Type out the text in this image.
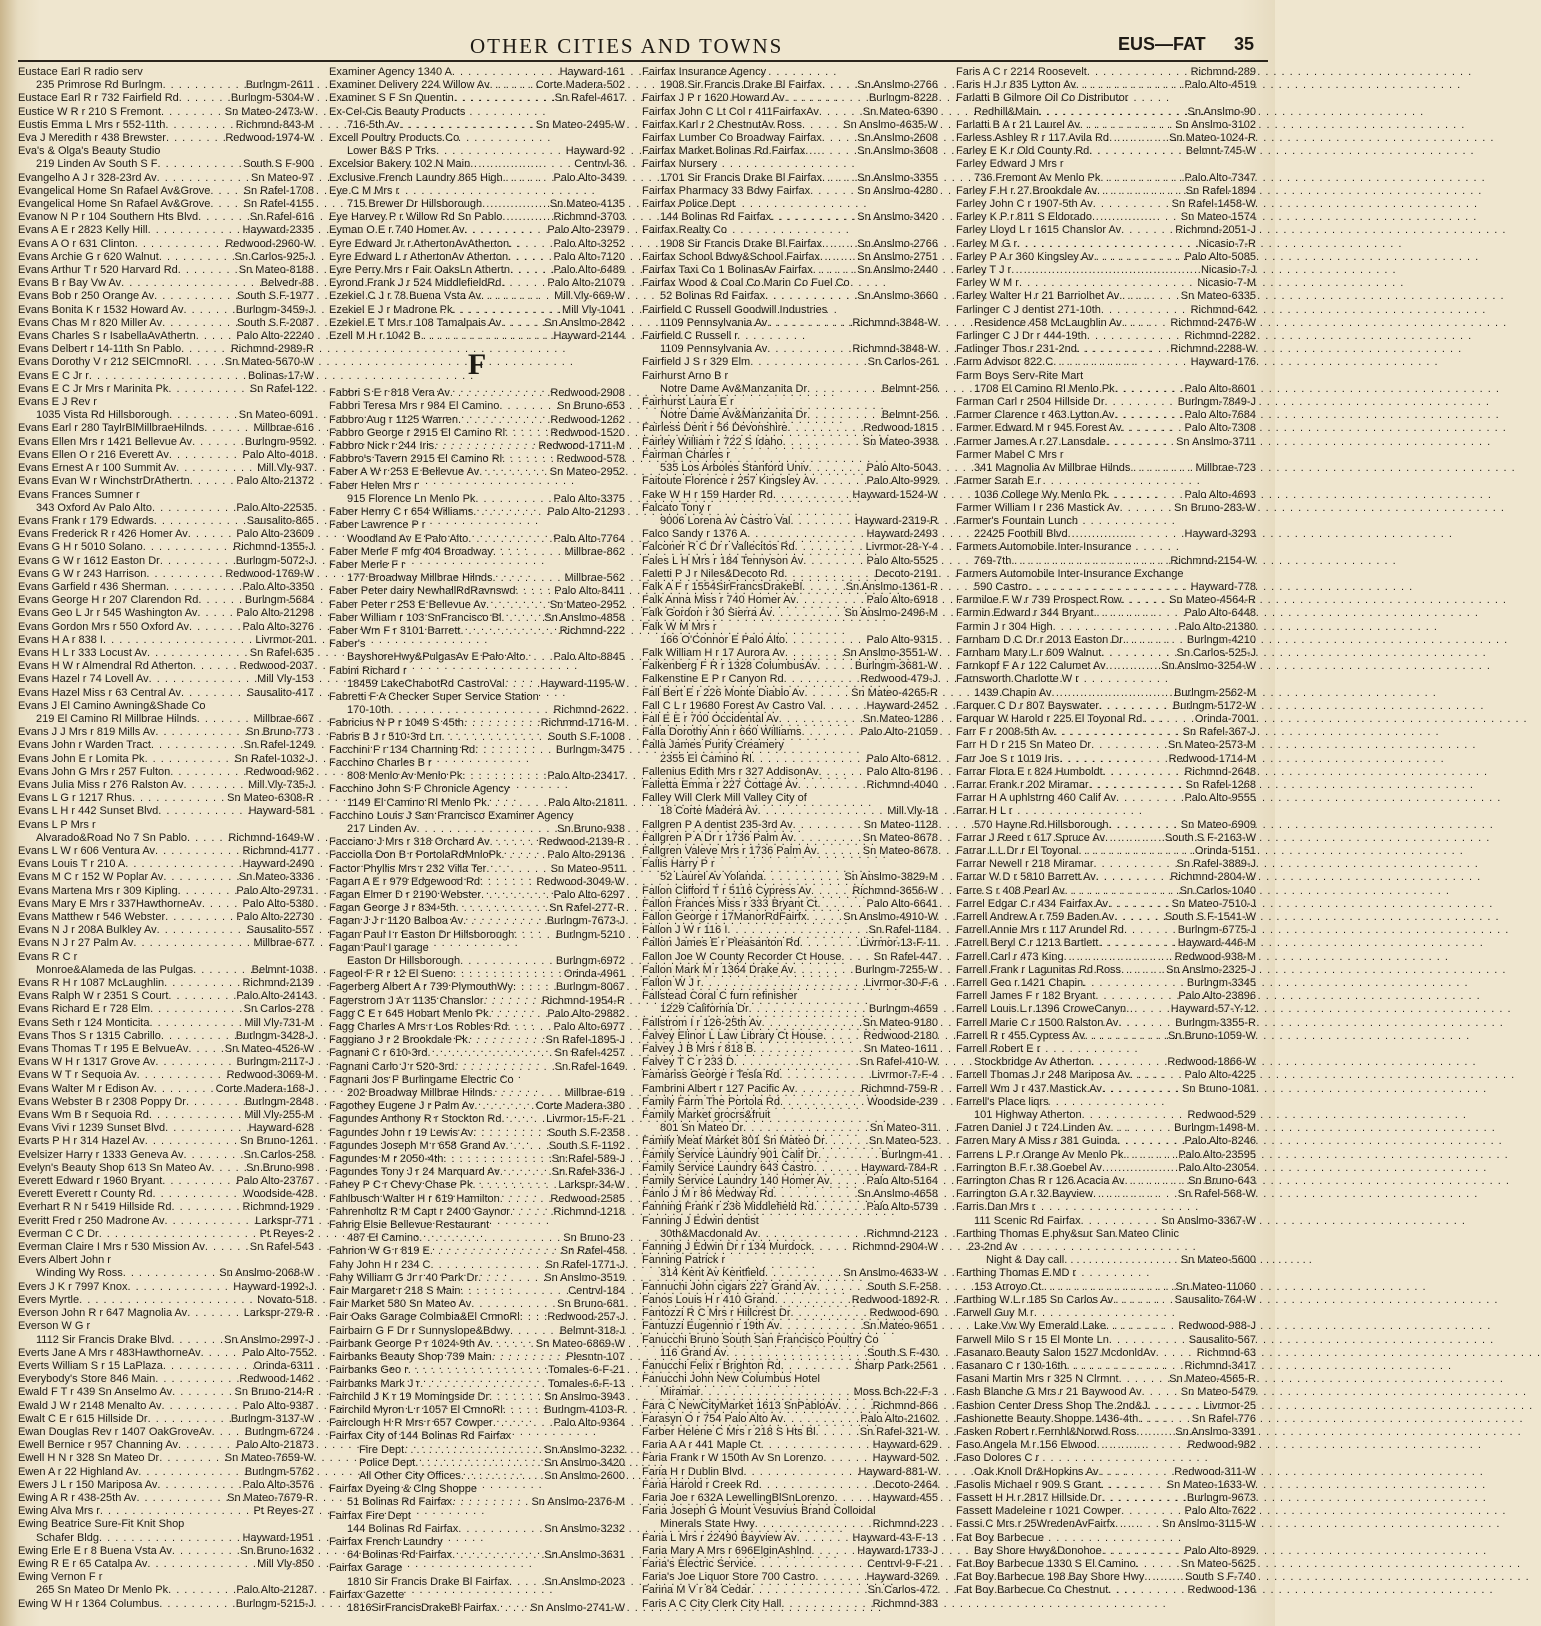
OTHER CITIES AND TOWNS	EUS—FAT 35
Eustace Earl R radio serv
235 Primrose Rd Burlngm . . .	Burlngm-2611
Eustace Earl R r 732 Fairfield Rd . . .	Burlngm-5304-W
Eustice W R r 210 S Fremont . . .	Sn Mateo-2473-W
Eustis Emma L Mrs r 552-11th . . .	Richmnd-843-M
Eva J Meredith r 438 Brewster . . .	Redwood-1974-W
Eva's & Olga's Beauty Studio
219 Linden Av South S F . . .	South S F-900
Evangelho A J r 328-23rd Av . . .	Sn Mateo-97
Evangelical Home Sn Rafael Av&Grove . . .	Sn Rafel-1708
Evangelical Home Sn Rafael Av&Grove . . .	Sn Rafel-4155
Evanow N P r 104 Southern Hts Blvd . . .	Sn Rafel-616
Evans A E r 2823 Kelly Hill . . .	Hayward-2335
Evans A O r 631 Clinton . . .	Redwood-2960-W
Evans Archie G r 620 Walnut . . .	Sn Carlos-925-J
Evans Arthur T r 520 Harvard Rd . . .	Sn Mateo-8188
Evans B r Bay Vw Av . . .	Belvedr-88
Evans Bob r 250 Orange Av . . .	South S F-1977
Evans Bonita K r 1532 Howard Av . . .	Burlngm-3459-J
Evans Chas M r 820 Miller Av . . .	South S F-2087
Evans Charles S r IsabellaAvAthertn . . .	Palo Alto-22240
Evans Delbert r 14-11th Sn Pablo . . .	Richmnd-2989-R
Evans Dorothy V r 212 SElCmnoRl . . .	Sn Mateo-5670-W
Evans E C Jr r . . .	Bolinas-17-W
Evans E C Jr Mrs r Marinita Pk . . .	Sn Rafel-122
Evans E J Rev r
1035 Vista Rd Hillsborough . . .	Sn Mateo-6091
Evans Earl r 280 TaylrBlMillbraeHilnds . . .	Millbrae-616
Evans Ellen Mrs r 1421 Bellevue Av . . .	Burlngm-9592
Evans Ellen O r 216 Everett Av . . .	Palo Alto-4018
Evans Ernest A r 100 Summit Av . . .	Mill Vly-937
Evans Evan W r WinchstrDrAthertn . . .	Palo Alto-21372
Evans Frances Sumner r
343 Oxford Av Palo Alto . . .	Palo Alto-22535
Evans Frank r 179 Edwards . . .	Sausalito-865
Evans Frederick R r 426 Homer Av . . .	Palo Alto-23609
Evans G H r 5010 Solano . . .	Richmnd-1355-J
Evans G W r 1612 Easton Dr . . .	Burlngm-5072-J
Evans G W r 243 Harrison . . .	Redwood-1769-W
Evans Garfield r 436 Sherman . . .	Palo Alto-3350
Evans George H r 207 Clarendon Rd . . .	Burlngm-5684
Evans Geo L Jr r 545 Washington Av . . .	Palo Alto-21298
Evans Gordon Mrs r 550 Oxford Av . . .	Palo Alto-3276
Evans H A r 838 I . . .	Livrmor-201
Evans H L r 333 Locust Av . . .	Sn Rafel-635
Evans H W r Almendral Rd Atherton . . .	Redwood-2037
Evans Hazel r 74 Lovell Av . . .	Mill Vly-153
Evans Hazel Miss r 63 Central Av . . .	Sausalito-417
Evans J El Camino Awning&Shade Co
219 El Camino Rl Millbrae Hilnds . . .	Millbrae-667
Evans J J Mrs r 819 Mills Av . . .	Sn Bruno-773
Evans John r Warden Tract . . .	Sn Rafel-1249
Evans John E r Lomita Pk . . .	Sn Rafel-1032-J
Evans John G Mrs r 257 Fulton . . .	Redwood-962
Evans Julia Miss r 276 Ralston Av . . .	Mill Vly-735-J
Evans L G r 1217 Rhus . . .	Sn Mateo-6308-R
Evans L H r 442 Sunset Blvd . . .	Hayward-581
Evans L P Mrs r
Alvarado&Road No 7 Sn Pablo . . .	Richmnd-1649-W
Evans L W r 606 Ventura Av . . .	Richmnd-4177
Evans Louis T r 210 A . . .	Hayward-2490
Evans M C r 152 W Poplar Av . . .	Sn Mateo-3336
Evans Martena Mrs r 309 Kipling . . .	Palo Alto-29731
Evans Mary E Mrs r 337HawthorneAv . . .	Palo Alto-5380
Evans Matthew r 546 Webster . . .	Palo Alto-22730
Evans N J r 208A Bulkley Av . . .	Sausalito-557
Evans N J r 27 Palm Av . . .	Millbrae-677
Evans R C r
Monroe&Alameda de las Pulgas . . .	Belmnt-1038
Evans R H r 1087 McLaughlin . . .	Richmnd-2139
Evans Ralph W r 2351 S Court . . .	Palo Alto-24143
Evans Richard E r 728 Elm . . .	Sn Carlos-278
Evans Seth r 124 Monticita . . .	Mill Vly-731-M
Evans Thos S r 1315 Cabrillo . . .	Burlngm-3428-J
Evans Thomas T r 195 E BelvueAv . . .	Sn Mateo-4526-W
Evans W H r 1317 Grove Av . . .	Burlngm-2117-J
Evans W T r Sequoia Av . . .	Redwood-3069-M
Evans Walter M r Edison Av . . .	Corte Madera-168-J
Evans Webster B r 2308 Poppy Dr . . .	Burlngm-2848
Evans Wm B r Sequoia Rd . . .	Mill Vly-255-M
Evans Vivi r 1239 Sunset Blvd . . .	Hayward-628
Evarts P H r 314 Hazel Av . . .	Sn Bruno-1261
Evelsizer Harry r 1333 Geneva Av . . .	Sn Carlos-258
Evelyn's Beauty Shop 613 Sn Mateo Av . . .	Sn Bruno-998
Everett Edward r 1960 Bryant . . .	Palo Alto-23767
Everett Everett r County Rd . . .	Woodside-428
Everhart R N r 5419 Hillside Rd . . .	Richmnd-1929
Everitt Fred r 250 Madrone Av . . .	Larkspr-771
Everman C C Dr . . .	Pt Reyes-2
Everman Claire I Mrs r 530 Mission Av . . .	Sn Rafel-543
Evers Albert John r
Winding Wy Ross . . .	Sn Anslmo-2068-W
Evers J K r 7997 Knox . . .	Hayward-1992-J
Evers Myrtle . . .	Novato-518
Everson John R r 647 Magnolia Av . . .	Larkspr-279-R
Everson W G r
1112 Sir Francis Drake Blvd . . .	Sn Anslmo-2997-J
Everts Jane A Mrs r 483HawthorneAv . . .	Palo Alto-7552
Everts William S r 15 LaPlaza . . .	Orinda-6311
Everybody's Store 846 Main . . .	Redwood-1462
Ewald F T r 439 Sn Anselmo Av . . .	Sn Bruno-214-R
Ewald J W r 2148 Menalto Av . . .	Palo Alto-9387
Ewalt C E r 615 Hillside Dr . . .	Burlngm-3137-W
Ewan Douglas Rev r 1407 OakGroveAv . . .	Burlngm-6724
Ewell Bernice r 957 Channing Av . . .	Palo Alto-21873
Ewell H N r 328 Sn Mateo Dr . . .	Sn Mateo-7659-W
Ewen A r 22 Highland Av . . .	Burlngm-5762
Ewers J L r 150 Mariposa Av . . .	Palo Alto-3576
Ewing A R r 438-25th Av . . .	Sn Mateo-7679-R
Ewing Alva Mrs r . . .	Pt Reyes-27
Ewing Beatrice Sure-Fit Knit Shop
Schafer Bldg . . .	Hayward-1951
Ewing Erle E r 8 Buena Vsta Av . . .	Sn Bruno-1632
Ewing R E r 65 Catalpa Av . . .	Mill Vly-850
Ewing Vernon F r
265 Sn Mateo Dr Menlo Pk . . .	Palo Alto-21287
Ewing W H r 1364 Columbus . . .	Burlngm-5215-J
Examiner Agency 1340 A . . .	Hayward-161
Examiner Delivery 224 Willow Av . . .	Corte Madera-502
Examiner S F Sn Quentin . . .	Sn Rafel-4617
Ex-Cel-Cis Beauty Products
716-5th Av . . .	Sn Mateo-2495-W
Excell Poultry Products Co
Lower B&S P Trks . . .	Hayward-92
Excelsior Bakery 102 N Main . . .	Centrvl-36
Exclusive French Laundry 865 High . . .	Palo Alto-3439
Eye C M Mrs r
715 Brewer Dr Hillsborough . . .	Sn Mateo-4135
Eye Harvey P r Willow Rd Sn Pablo . . .	Richmnd-3703
Eyman O E r 740 Homer Av . . .	Palo Alto-23979
Eyre Edward Jr r AthertonAvAtherton . . .	Palo Alto-3252
Eyre Edward L r AthertonAv Atherton . . .	Palo Alto-7120
Eyre Perry Mrs r Fair OaksLn Athertn . . .	Palo Alto-6489
Eyrond Frank J r 524 MiddlefieldRd . . .	Palo Alto-21079
Ezekiel C J r 78 Buena Vsta Av . . .	Mill Vly-669-W
Ezekiel E J r Madrone Pk . . .	Mill Vly-1041
Ezekiel E T Mrs r 108 Tamalpais Av . . .	Sn Anslmo-2842
Ezell M H r 1042 B . . .	Hayward-2144
F
Fabbri S E r 818 Vera Av . . .	Redwood-2908
Fabbri Teresa Mrs r 984 El Camino . . .	Sn Bruno-653
Fabbro Aug r 1125 Warren . . .	Redwood-1262
Fabbro George r 2915 El Camino Rl . . .	Redwood-1520
Fabbro Nick r 244 Iris . . .	Redwood-1711-M
Fabbro's Tavern 2915 El Camino Rl . . .	Redwood-578
Faber A W r 253 E Bellevue Av . . .	Sn Mateo-2952
Faber Helen Mrs r
915 Florence Ln Menlo Pk . . .	Palo Alto-3375
Faber Henry C r 654 Williams . . .	Palo Alto-21293
Faber Lawrence P r
Woodland Av E Palo Alto . . .	Palo Alto-7764
Faber Merle F mfg 404 Broadway . . .	Millbrae-862
Faber Merle F r
177 Broadway Millbrae Hilnds . . .	Millbrae-562
Faber Peter dairy NewhallRdRavnswd . . .	Palo Alto-8411
Faber Peter r 253 E Bellevue Av . . .	Sn Mateo-2952
Faber William r 103 SnFrancisco Bl . . .	Sn Anslmo-4858
Faber Wm F r 3101 Barrett . . .	Richmnd-222
Faber's
BayshoreHwy&PulgasAv E Palo Alto . . .	Palo Alto-8845
Fabini Richard r
18459 LakeChabotRd CastroVal . . .	Hayward-1195-W
Fabretti F A Checker Super Service Station
170-10th . . .	Richmnd-2622
Fabricius N P r 1049 S 45th . . .	Richmnd-1716-M
Fabris B J r 510-3rd Ln . . .	South S F-1008
Facchini F r 134 Channing Rd . . .	Burlngm-3475
Facchino Charles B r
808 Menlo Av Menlo Pk . . .	Palo Alto-23417
Facchino John S F Chronicle Agency
1149 El Camino Rl Menlo Pk . . .	Palo Alto-21811
Facchino Louis J San Francisco Examiner Agency
217 Linden Av . . .	Sn Bruno-938
Facciano J Mrs r 318 Orchard Av . . .	Redwood-2139-R
Facciolla Don B r PortolaRdMnloPk . . .	Palo Alto-29136
Factor Phyllis Mrs r 232 Villa Ter . . .	Sn Mateo-9511
Fagan A E r 979 Edgewood Rd . . .	Redwood-3049-W
Fagan Elmer D r 2190 Webster . . .	Palo Alto-6297
Fagan George J r 834-5th . . .	Sn Rafel-277-R
Fagan J J r 1120 Balboa Av . . .	Burlngm-7673-J
Fagan Paul I r Easton Dr Hillsborough . . .	Burlngm-5210
Fagan Paul I garage
Easton Dr Hillsborough . . .	Burlngm-6972
Fageol F R r 12 El Sueno . . .	Orinda-4961
Fagerberg Albert A r 739 PlymouthWy . . .	Burlngm-8067
Fagerstrom J A r 1135 Chanslor . . .	Richmnd-1954-R
Fagg C E r 645 Hobart Menlo Pk . . .	Palo Alto-29882
Fagg Charles A Mrs r Los Robles Rd . . .	Palo Alto-6977
Faggiano J r 2 Brookdale Pk . . .	Sn Rafel-1895-J
Fagnani C r 610-3rd . . .	Sn Rafel-4257
Fagnani Carlo J r 520-3rd . . .	Sn Rafel-1649
Fagnani Jos F Burlingame Electric Co
202 Broadway Millbrae Hilnds . . .	Millbrae-619
Fagothey Eugene J r Palm Av . . .	Corte Madera-380
Fagundes Anthony R r Stockton Rd . . .	Livrmor-15-F-21
Fagundes John r 19 Lewis Av . . .	South S F-2358
Fagundes Joseph M r 658 Grand Av . . .	South S F-1192
Fagundes M r 2050-4th . . .	Sn Rafel-589-J
Fagundes Tony J r 24 Marquard Av . . .	Sn Rafel-336-J
Fahey P C r Chevy Chase Pk . . .	Larkspr-34-W
Fahlbusch Walter H r 619 Hamilton . . .	Redwood-2585
Fahrenholtz R M Capt r 2400 Gaynor . . .	Richmnd-1218
Fahrig Elsie Bellevue Restaurant
487 El Camino . . .	Sn Bruno-23
Fahrion W G r 819 E . . .	Sn Rafel-458
Fahy John H r 234 C . . .	Sn Rafel-1771-J
Fahy William G Jr r 40 Park Dr . . .	Sn Anslmo-3519
Fair Margaret r 218 S Main . . .	Centrvl-184
Fair Market 580 Sn Mateo Av . . .	Sn Bruno-681
Fair Oaks Garage Colmbia&El CmnoRl . . .	Redwood-257-J
Fairbairn G F Dr r Sunnyslope&Bdwy . . .	Belmnt-318-J
Fairbank George P r 1024-9th Av . . .	Sn Mateo-6869-W
Fairbanks Beauty Shop 739 Main . . .	Plesntn-107
Fairbanks Geo r . . .	Tomales-6-F-21
Fairbanks Mark J r . . .	Tomales-6-F-13
Fairchild J K r 19 Morningside Dr . . .	Sn Anslmo-3943
Fairchild Myron L r 1057 El CmnoRl . . .	Burlngm-4103-R
Fairclough H R Mrs r 657 Cowper . . .	Palo Alto-9364
Fairfax City of 144 Bolinas Rd Fairfax
Fire Dept . . .	Sn Anslmo-3232
Police Dept . . .	Sn Anslmo-3420
All Other City Offices . . .	Sn Anslmo-2600
Fairfax Dyeing & Clng Shoppe
51 Bolinas Rd Fairfax . . .	Sn Anslmo-2376-M
Fairfax Fire Dept
144 Bolinas Rd Fairfax . . .	Sn Anslmo-3232
Fairfax French Laundry
64 Bolinas Rd Fairfax . . .	Sn Anslmo-3631
Fairfax Garage
1810 Sir Francis Drake Bl Fairfax . . .	Sn Anslmo-2023
Fairfax Gazette
1816SirFrancisDrakeBl Fairfax . . .	Sn Anslmo-2741-W
Fairfax Insurance Agency
1908 Sir Francis Drake Bl Fairfax . . .	Sn Anslmo-2766
Fairfax J P r 1620 Howard Av . . .	Burlngm-8228
Fairfax John C Lt Col r 411FairfaxAv . . .	Sn Mateo-6390
Fairfax Karl r 2 ChestnutAv Ross . . .	Sn Anslmo-4635-W
Fairfax Lumber Co Broadway Fairfax . . .	Sn Anslmo-2608
Fairfax Market Bolinas Rd Fairfax . . .	Sn Anslmo-3608
Fairfax Nursery
1701 Sir Francis Drake Bl Fairfax . . .	Sn Anslmo-3355
Fairfax Pharmacy 33 Bdwy Fairfax . . .	Sn Anslmo-4280
Fairfax Police Dept
144 Bolinas Rd Fairfax . . .	Sn Anslmo-3420
Fairfax Realty Co
1908 Sir Francis Drake Bl Fairfax . . .	Sn Anslmo-2766
Fairfax School Bdwy&School Fairfax . . .	Sn Anslmo-2751
Fairfax Taxi Co 1 BolinasAv Fairfax . . .	Sn Anslmo-2440
Fairfax Wood & Coal Co Marin Co Fuel Co
52 Bolinas Rd Fairfax . . .	Sn Anslmo-3660
Fairfield C Russell Goodwill Industries
1109 Pennsylvania Av . . .	Richmnd-3848-W
Fairfield C Russell r
1109 Pennsylvania Av . . .	Richmnd-3848-W
Fairfield J S r 329 Elm . . .	Sn Carlos-261
Fairhurst Arno B r
Notre Dame Av&Manzanita Dr . . .	Belmnt-256
Fairhurst Laura E r
Notre Dame Av&Manzanita Dr . . .	Belmnt-256
Fairless Dent r 56 Devonshire . . .	Redwood-1815
Fairley William r 722 S Idaho . . .	Sn Mateo-3938
Fairman Charles r
535 Los Arboles Stanford Univ . . .	Palo Alto-5043
Faitoute Florence r 257 Kingsley Av . . .	Palo Alto-9929
Fake W H r 159 Harder Rd . . .	Hayward-1524-W
Falcato Tony r
9006 Lorena Av Castro Val . . .	Hayward-2319-R
Falco Sandy r 1376 A . . .	Hayward-2493
Falconer R C Dr r Vallecitos Rd . . .	Livrmor-28-Y-4
Fales L H Mrs r 184 Tennyson Av . . .	Palo Alto-5525
Faletti P J r Niles&Decoto Rd . . .	Decoto-2191
Falk A F r 1554SirFrancsDrakeBl . . .	Sn Anslmo-1361-R
Falk Anna Miss r 740 Homer Av . . .	Palo Alto-6918
Falk Gordon r 30 Sierra Av . . .	Sn Anslmo-2496-M
Falk W M Mrs r
166 O'Connor E Palo Alto . . .	Palo Alto-9315
Falk William H r 17 Aurora Av . . .	Sn Anslmo-3551-W
Falkenberg F R r 1328 ColumbusAv . . .	Burlngm-3681-W
Falkenstine E P r Canyon Rd . . .	Redwood-479-J
Fall Bert E r 226 Monte Diablo Av . . .	Sn Mateo-4265-R
Fall C L r 19680 Forest Av Castro Val . . .	Hayward-2452
Fall E E r 700 Occidental Av . . .	Sn Mateo-1286
Falla Dorothy Ann r 660 Williams . . .	Palo Alto-21059
Falla James Purity Creamery
2355 El Camino Rl . . .	Palo Alto-6812
Fallenius Edith Mrs r 327 AddisonAv . . .	Palo Alto-8196
Falletta Emma r 227 Cottage Av . . .	Richmnd-4040
Falley Will Clerk Mill Valley City of
18 Corte Madera Av . . .	Mill Vly-18
Fallgren P A dentist 235-3rd Av . . .	Sn Mateo-1128
Fallgren P A Dr r 1736 Palm Av . . .	Sn Mateo-8678
Fallgren Valeve Mrs r 1736 Palm Av . . .	Sn Mateo-8678
Fallis Harry P r
52 Laurel Av Yolanda . . .	Sn Anslmo-3829-M
Fallon Clifford T r 5116 Cypress Av . . .	Richmnd-3656-W
Fallon Frances Miss r 333 Bryant Ct . . .	Palo Alto-6641
Fallon George r 17ManorRdFairfx . . .	Sn Anslmo-4910-W
Fallon J W r 116 I . . .	Sn Rafel-1184
Fallon James E r Pleasanton Rd . . .	Livrmor-13-F-11
Fallon Joe W County Recorder Ct House . . .	Sn Rafel-447
Fallon Mark M r 1364 Drake Av . . .	Burlngm-7255-W
Fallon W J r . . .	Livrmor-30-F-6
Fallstead Coral C furn refinisher
1229 California Dr . . .	Burlngm-4659
Fallstrom I r 126-25th Av . . .	Sn Mateo-9180
Falvey Elinor L Law Library Ct House . . .	Redwood-2180
Falvey J B Mrs r 818 B . . .	Sn Mateo-1611
Falvey T C r 233 D . . .	Sn Rafel-410-W
Famariss George r Tesla Rd . . .	Livrmor-7-F-4
Fambrini Albert r 127 Pacific Av . . .	Richmnd-759-R
Family Farm The Portola Rd . . .	Woodside-239
Family Market grocrs&fruit
801 Sn Mateo Dr . . .	Sn Mateo-311
Family Meat Market 801 Sn Mateo Dr . . .	Sn Mateo-523
Family Service Laundry 901 Calif Dr . . .	Burlngm-41
Family Service Laundry 643 Castro . . .	Hayward-784-R
Family Service Laundry 140 Homer Av . . .	Palo Alto-5164
Fanlo J M r 86 Medway Rd . . .	Sn Anslmo-4658
Fanning Frank r 236 Middlefield Rd . . .	Palo Alto-5739
Fanning J Edwin dentist
30th&Macdonald Av . . .	Richmnd-2123
Fanning J Edwin Dr r 134 Murdock . . .	Richmnd-2904-W
Fanning Patrick r
314 Kent Av Kentfield . . .	Sn Anslmo-4633-W
Fannuchi John cigars 227 Grand Av . . .	South S F-258
Fanos Louis H r 410 Grand . . .	Redwood-1892-R
Fantozzi R C Mrs r Hillcrest Dr . . .	Redwood-690
Fantuzzi Eugennio r 19th Av . . .	Sn Mateo-9651
Fanucchi Bruno South San Francisco Poultry Co
116 Grand Av . . .	South S F-430
Fanucchi Felix r Brighton Rd . . .	Sharp Park-2561
Fanucchi John New Columbus Hotel
Miramar . . .	Moss Bch-22-F-3
Fara C NewCityMarket 1613 SnPabloAv . . .	Richmnd-866
Farasyn O r 754 Palo Alto Av . . .	Palo Alto-21602
Farber Helene C Mrs r 218 S Hts Bl . . .	Sn Rafel-321-W
Faria A A r 441 Maple Ct . . .	Hayward-629
Faria Frank r W 150th Av Sn Lorenzo . . .	Hayward-502
Faria H r Dublin Blvd . . .	Hayward-881-W
Faria Harold r Creek Rd . . .	Decoto-2464
Faria Joe r 632A LewellingBlSnLorenzo . . .	Hayward-455
Faria Joseph G Mount Vesuvius Brand Colloidal
Minerals State Hwy . . .	Richmnd-223
Faria L Mrs r 22490 Bayview Av . . .	Hayward-43-F-13
Faria Mary A Mrs r 696ElginAshlnd . . .	Hayward-1733-J
Faria's Electric Service . . .	Centrvl-9-F-21
Faria's Joe Liquor Store 700 Castro . . .	Hayward-3269
Farina M V r 84 Cedar . . .	Sn Carlos-472
Faris A C City Clerk City Hall . . .	Richmnd-383
Faris A C r 2214 Roosevelt . . .	Richmnd-289
Faris H J r 835 Lytton Av . . .	Palo Alto-4519
Farlatti B Gilmore Oil Co Distributor
Redhill&Main . . .	Sn Anslmo-90
Farlatti B A r 21 Laurel Av . . .	Sn Anslmo-3102
Farless Ashley R r 117 Avila Rd . . .	Sn Mateo-1024-R
Farley E K r Old County Rd . . .	Belmnt-745-W
Farley Edward J Mrs r
736 Fremont Av Menlo Pk . . .	Palo Alto-7347
Farley F H r 27 Brookdale Av . . .	Sn Rafel-1894
Farley John C r 1907-5th Av . . .	Sn Rafel-1458-W
Farley K P r 811 S Eldorado . . .	Sn Mateo-1574
Farley Lloyd L r 1615 Chanslor Av . . .	Richmnd-2051-J
Farley M G r . . .	Nicasio-7-R
Farley P A r 360 Kingsley Av . . .	Palo Alto-5085
Farley T J r . . .	Nicasio-7-J
Farley W M r . . .	Nicasio-7-M
Farley Walter H r 21 Barriolhet Av . . .	Sn Mateo-6335
Farlinger C J dentist 271-10th . . .	Richmnd-642
Residence 458 McLaughlin Av . . .	Richmnd-2476-W
Farlinger C J Dr r 444-19th . . .	Richmnd-2282
Farlinger Thos r 231-2nd . . .	Richmnd-2288-W
Farm Advisor 822 C . . .	Hayward-176
Farm Boys Serv-Rite Mart
1708 El Camino Rl Menlo Pk . . .	Palo Alto-8601
Farman Carl r 2504 Hillside Dr . . .	Burlngm-7849-J
Farmer Clarence r 463 Lytton Av . . .	Palo Alto-7684
Farmer Edward M r 945 Forest Av . . .	Palo Alto-7308
Farmer James A r 27 Lansdale . . .	Sn Anslmo-3711
Farmer Mabel C Mrs r
341 Magnolia Av Millbrae Hilnds . . .	Millbrae-723
Farmer Sarah E r
1036 College Wy Menlo Pk . . .	Palo Alto-4693
Farmer William I r 236 Mastick Av . . .	Sn Bruno-283-W
Farmer's Fountain Lunch
22425 Foothill Blvd . . .	Hayward-3293
Farmers Automobile Inter-Insurance
769-7th . . .	Richmnd-2154-W
Farmers Automobile Inter-Insurance Exchange
590 Castro . . .	Hayward-778
Farmiloe F W r 739 Prospect Row . . .	Sn Mateo-4564-R
Farmin Edward r 344 Bryant . . .	Palo Alto-6448
Farmin J r 304 High . . .	Palo Alto-21380
Farnham D C Dr r 2013 Easton Dr . . .	Burlngm-4210
Farnham Mary L r 609 Walnut . . .	Sn Carlos-525-J
Farnkopf F A r 122 Calumet Av . . .	Sn Anslmo-3254-W
Farnsworth Charlotte W r
1439 Chapin Av . . .	Burlngm-2562-M
Farquer C D r 807 Bayswater . . .	Burlngm-5172-W
Farquar W Harold r 225 El Toyonal Rd . . .	Orinda-7001
Farr F r 2008-5th Av . . .	Sn Rafel-367-J
Farr H D r 215 Sn Mateo Dr . . .	Sn Mateo-2573-M
Farr Joe S r 1019 Iris . . .	Redwood-1714-M
Farrar Flora E r 824 Humboldt . . .	Richmnd-2648
Farrar Frank r 202 Miramar . . .	Sn Rafel-1268
Farrar H A uphlstrng 460 Calif Av . . .	Palo Alto-9555
Farrar H L r
570 Hayne Rd Hillsborough . . .	Sn Mateo-6909
Farrar J Reed r 617 Spruce Av . . .	South S F-2163-W
Farrar L L Dr r El Toyonal . . .	Orinda-5151
Farrar Newell r 218 Miramar . . .	Sn Rafel-3889-J
Farrar W D r 5810 Barrett Av . . .	Richmnd-2804-W
Farre S r 408 Pearl Av . . .	Sn Carlos-1040
Farrel Edgar C r 434 Fairfax Av . . .	Sn Mateo-7510-J
Farrell Andrew A r 759 Baden Av . . .	South S F-1541-W
Farrell Annie Mrs r 117 Arundel Rd . . .	Burlngm-6775-J
Farrell Beryl C r 1213 Bartlett . . .	Hayward-446-M
Farrell Carl r 473 King . . .	Redwood-938-M
Farrell Frank r Lagunitas Rd Ross . . .	Sn Anslmo-2325-J
Farrell Geo r 1421 Chapin . . .	Burlngm-3345
Farrell James F r 182 Bryant . . .	Palo Alto-23896
Farrell Louis L r 1396 CroweCanyn . . .	Hayward-57-Y-12
Farrell Marie C r 1500 Ralston Av . . .	Burlngm-3355-R
Farrell R r 455 Cypress Av . . .	Sn Bruno-1059-W
Farrell Robert E r
Stockbridge Av Atherton . . .	Redwood-1866-W
Farrell Thomas J r 248 Mariposa Av . . .	Palo Alto-4225
Farrell Wm J r 437 Mastick Av . . .	Sn Bruno-1081
Farrell's Place liqrs
101 Highway Atherton . . .	Redwood-529
Farren Daniel J r 724 Linden Av . . .	Burlngm-1498-M
Farren Mary A Miss r 381 Guinda . . .	Palo Alto-8246
Farrens L P r Orange Av Menlo Pk . . .	Palo Alto-23595
Farrington B F r 38 Goebel Av . . .	Palo Alto-23054
Farrington Chas R r 126 Acacia Av . . .	Sn Bruno-643
Farrington G A r 32 Bayview . . .	Sn Rafel-568-W
Farris Dan Mrs r
111 Scenic Rd Fairfax . . .	Sn Anslmo-3367-W
Farthing Thomas E phy&sur San Mateo Clinic
23-2nd Av
Night & Day call . . .	Sn Mateo-5600
Farthing Thomas E MD r
153 Arroyo Ct . . .	Sn Mateo-11060
Farthing W L r 185 Sn Carlos Av . . .	Sausalito-764-W
Farwell Guy M r
Lake Vw Wy Emerald Lake . . .	Redwood-988-J
Farwell Milo S r 15 El Monte Ln . . .	Sausalito-567
Fasanaro Beauty Salon 1527 McdonldAv . . .	Richmnd-63
Fasanaro C r 130-16th . . .	Richmnd-3417
Fasani Martin Mrs r 325 N Clrmnt . . .	Sn Mateo-4565-R
Fash Blanche G Mrs r 21 Baywood Av . . .	Sn Mateo-5479
Fashion Center Dress Shop The 2nd&J . . .	Livrmor-25
Fashionette Beauty Shoppe 1436-4th . . .	Sn Rafel-776
Fasken Robert r Fernhl&Norwd Ross . . .	Sn Anslmo-3391
Faso Angela M r 156 Elwood . . .	Redwood-982
Faso Dolores C r
Oak Knoll Dr&Hopkins Av . . .	Redwood-311-W
Fasolis Michael r 909 S Grant . . .	Sn Mateo-1633-W
Fassett H H r 2817 Hillside Dr . . .	Burlngm-9673
Fassett Madeleine r 1021 Cowper . . .	Palo Alto-7622
Fassi C Mrs r 25WredenAvFairfx . . .	Sn Anslmo-3115-W
Fat Boy Barbecue
Bay Shore Hwy&Donohoe . . .	Palo Alto-8929
Fat Boy Barbecue 1330 S El Camino . . .	Sn Mateo-5625
Fat Boy Barbecue 198 Bay Shore Hwy . . .	South S F-740
Fat Boy Barbecue Co Chestnut . . .	Redwood-136
